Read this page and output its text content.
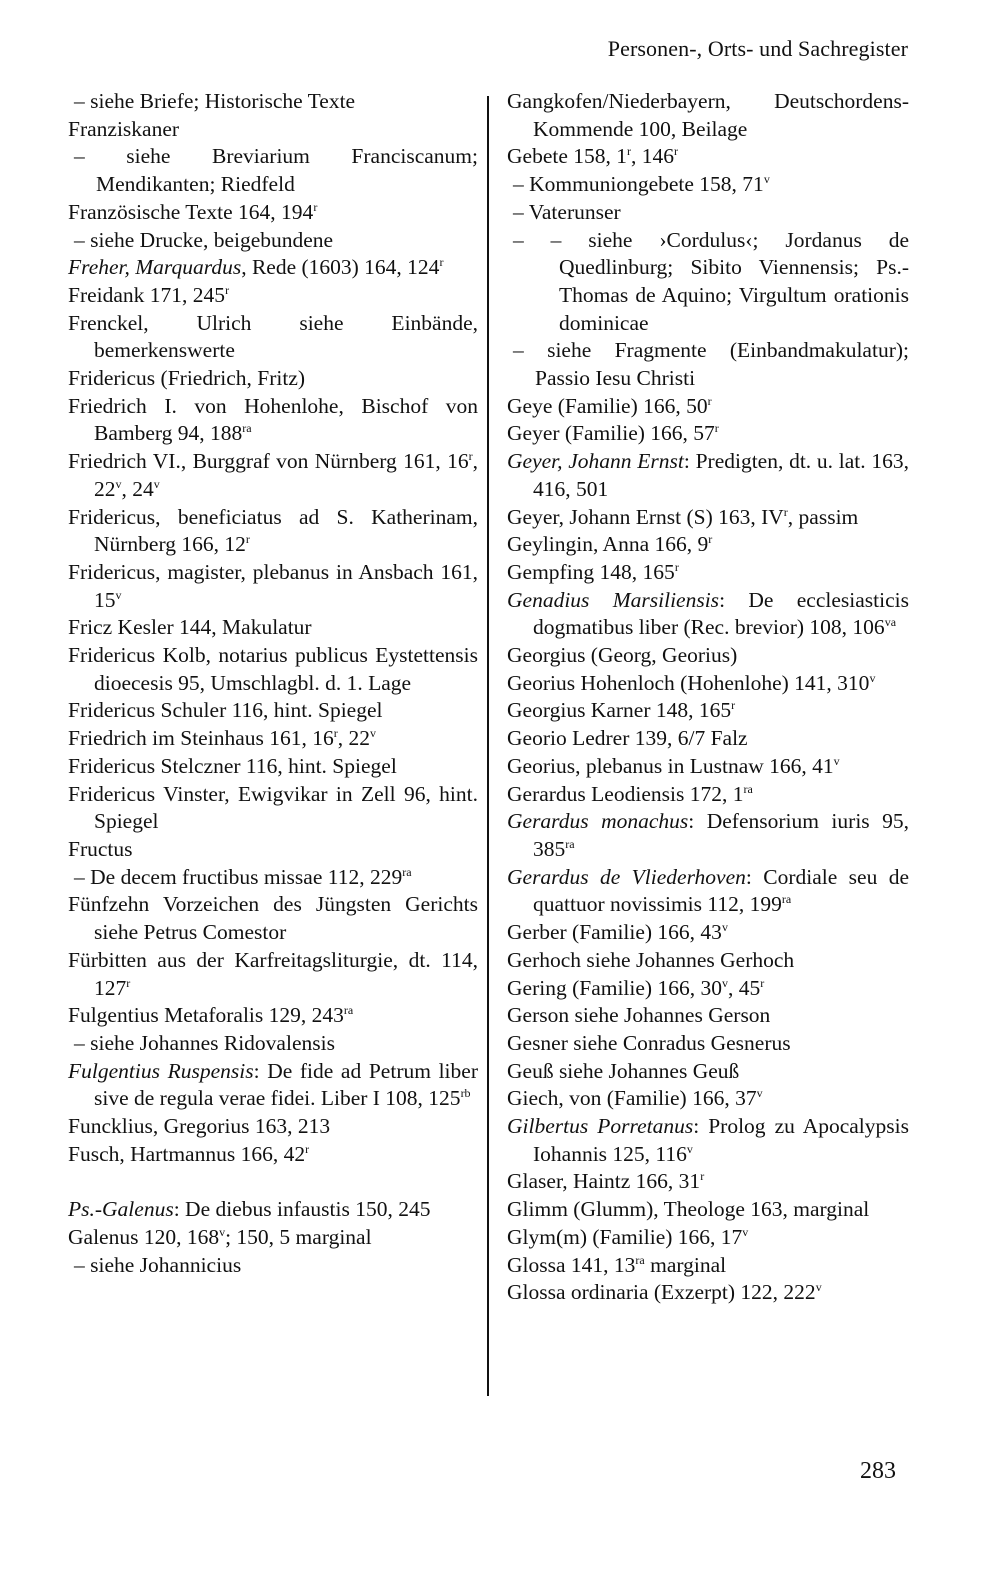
Personen-, Orts- und Sachregister

– siehe Briefe; Historische Texte

Franziskaner

– siehe Breviarium Franciscanum; Mendikanten; Riedfeld

Französische Texte 164, 194$^r$

– siehe Drucke, beigebundene

Freher, Marquardus, Rede (1603) 164, 124$^r$

Freidank 171, 245$^r$

Frenckel, Ulrich siehe Einbände, bemerkenswerte

Fridericus (Friedrich, Fritz)

Friedrich I. von Hohenlohe, Bischof von Bamberg 94, $188^{ra}$

Friedrich VI., Burggraf von Nürnberg 161, 16$^r$, 22$^v$, 24$^v$

Fridericus, beneficiatus ad S. Katherinam, Nürnberg 166, 12$^r$

Fridericus, magister, plebanus in Ansbach 161, 15$^v$

Fricz Kesler 144, Makulatur

Fridericus Kolb, notarius publicus Eystettensis dioecesis 95, Umschlagbl. d. 1. Lage

Fridericus Schuler 116, hint. Spiegel

Friedrich im Steinhaus 161, 16$^r$, 22$^v$

Fridericus Stelczner 116, hint. Spiegel

Fridericus Vinster, Ewigvikar in Zell 96, hint. Spiegel

Fructus

– De decem fructibus missae 112, $229^{ra}$

Fünfzehn Vorzeichen des Jüngsten Gerichts siehe Petrus Comestor

Fürbitten aus der Karfreitagsliturgie, dt. 114, 127$^r$

Fulgentius Metaforalis 129, $243^{ra}$

– siehe Johannes Ridovalensis

Fulgentius Ruspensis: De fide ad Petrum liber sive de regula verae fidei. Liber I 108, $125^{rb}$

Funcklius, Gregorius 163, 213

Fusch, Hartmannus 166, 42$^r$

Ps.-Galenus: De diebus infaustis 150, 245

Galenus 120, 168$^v$; 150, 5 marginal

– siehe Johannicius

Gangkofen/Niederbayern, Deutschordens-Kommende 100, Beilage

Gebete 158, 1$^r$, 146$^r$

– Kommuniongebete 158, 71$^v$

– Vaterunser

– – siehe ›Cordulus‹; Jordanus de Quedlinburg; Sibito Viennensis; Ps.-Thomas de Aquino; Virgultum orationis dominicae

– siehe Fragmente (Einbandmakulatur); Passio Iesu Christi

Geye (Familie) 166, 50$^r$

Geyer (Familie) 166, 57$^r$

Geyer, Johann Ernst: Predigten, dt. u. lat. 163, 416, 501

Geyer, Johann Ernst (S) 163, $IV^r$, passim

Geylingin, Anna 166, 9$^r$

Gempfing 148, 165$^r$

Genadius Marsiliensis: De ecclesiasticis dogmatibus liber (Rec. brevior) 108, $106^{va}$

Georgius (Georg, Georius)

Georius Hohenloch (Hohenlohe) 141, 310$^v$

Georgius Karner 148, 165$^r$

Georio Ledrer 139, 6/7 Falz

Georius, plebanus in Lustnaw 166, 41$^v$

Gerardus Leodiensis 172, $1^{ra}$

Gerardus monachus: Defensorium iuris 95, $385^{ra}$

Gerardus de Vliederhoven: Cordiale seu de quattuor novissimis 112, $199^{ra}$

Gerber (Familie) 166, 43$^v$

Gerhoch siehe Johannes Gerhoch

Gering (Familie) 166, 30$^v$, 45$^r$

Gerson siehe Johannes Gerson

Gesner siehe Conradus Gesnerus

Geuß siehe Johannes Geuß

Giech, von (Familie) 166, 37$^v$

Gilbertus Porretanus: Prolog zu Apocalypsis Iohannis 125, 116$^v$

Glaser, Haintz 166, 31$^r$

Glimm (Glumm), Theologe 163, marginal

Glym(m) (Familie) 166, 17$^v$

Glossa 141, $13^{ra}$ marginal

Glossa ordinaria (Exzerpt) 122, 222$^v$

283
